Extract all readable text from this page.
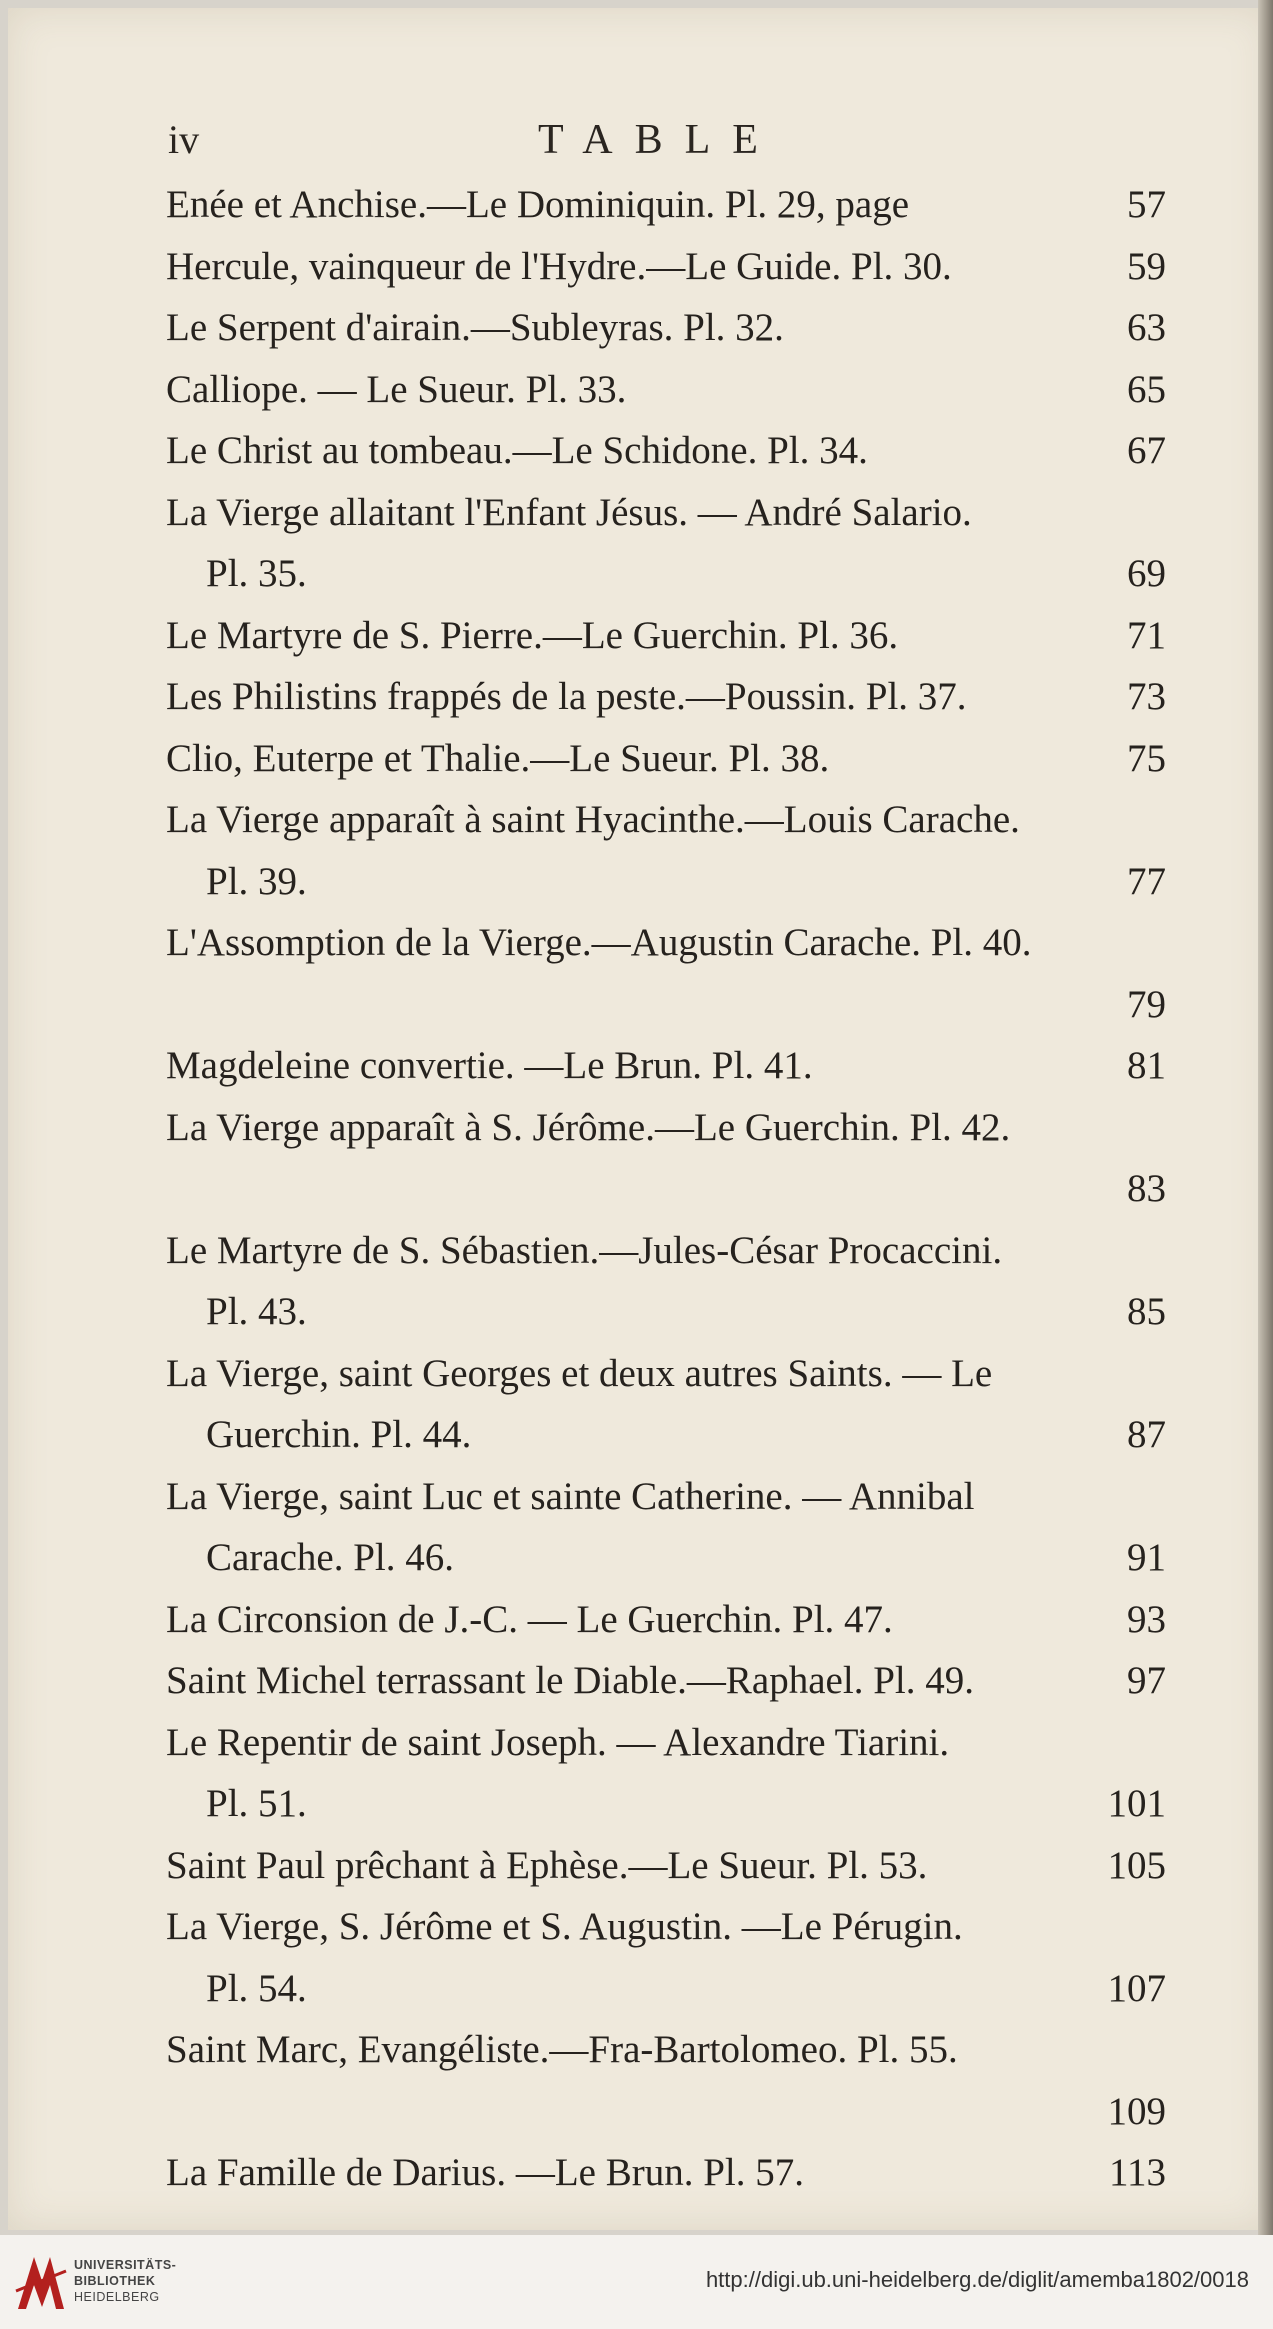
iv	TABLE
Enée et Anchise.—Le Dominiquin. Pl. 29, page	57
Hercule, vainqueur de l'Hydre.—Le Guide. Pl. 30.	59
Le Serpent d'airain.—Subleyras. Pl. 32.	63
Calliope. — Le Sueur. Pl. 33.	65
Le Christ au tombeau.—Le Schidone. Pl. 34.	67
La Vierge allaitant l'Enfant Jésus. — André Salario.
Pl. 35.	69
Le Martyre de S. Pierre.—Le Guerchin. Pl. 36.	71
Les Philistins frappés de la peste.—Poussin. Pl. 37.	73
Clio, Euterpe et Thalie.—Le Sueur. Pl. 38.	75
La Vierge apparaît à saint Hyacinthe.—Louis Carache.
Pl. 39.	77
L'Assomption de la Vierge.—Augustin Carache. Pl. 40.
79
Magdeleine convertie. —Le Brun. Pl. 41.	81
La Vierge apparaît à S. Jérôme.—Le Guerchin. Pl. 42.
83
Le Martyre de S. Sébastien.—Jules-César Procaccini.
Pl. 43.	85
La Vierge, saint Georges et deux autres Saints. — Le
Guerchin. Pl. 44.	87
La Vierge, saint Luc et sainte Catherine. — Annibal
Carache. Pl. 46.	91
La Circonsion de J.-C. — Le Guerchin. Pl. 47.	93
Saint Michel terrassant le Diable.—Raphael. Pl. 49.	97
Le Repentir de saint Joseph. — Alexandre Tiarini.
Pl. 51.	101
Saint Paul prêchant à Ephèse.—Le Sueur. Pl. 53.	105
La Vierge, S. Jérôme et S. Augustin. —Le Pérugin.
Pl. 54.	107
Saint Marc, Evangéliste.—Fra-Bartolomeo. Pl. 55.
109
La Famille de Darius. —Le Brun. Pl. 57.	113
UNIVERSITÄTS-
BIBLIOTHEK
HEIDELBERG
http://digi.ub.uni-heidelberg.de/diglit/amemba1802/0018
